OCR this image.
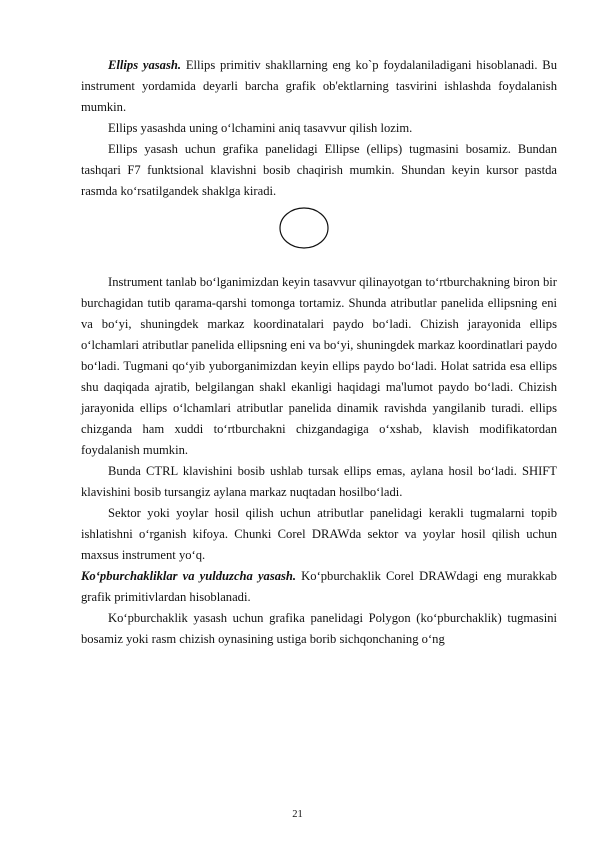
Ellips yasash. Ellips primitiv shakllarning eng ko`p foydalaniladigani hisoblanadi. Bu instrument yordamida deyarli barcha grafik ob'ektlarning tasvirini ishlashda foydalanish mumkin.

Ellips yasashda uning o‘lchamini aniq tasavvur qilish lozim.

Ellips yasash uchun grafika panelidagi Ellipse (ellips) tugmasini bosamiz. Bundan tashqari F7 funktsional klavishni bosib chaqirish mumkin. Shundan keyin kursor pastda rasmda ko‘rsatilgandek shaklga kiradi.

Instrument tanlab bo‘lganimizdan keyin tasavvur qilinayotgan to‘rtburchakning biron bir burchagidan tutib qarama-qarshi tomonga tortamiz. Shunda atributlar panelida ellipsning eni va bo‘yi, shuningdek markaz koordinatalari paydo bo‘ladi. Chizish jarayonida ellips o‘lchamlari atributlar panelida ellipsning eni va bo‘yi, shuningdek markaz koordinatlari paydo bo‘ladi. Tugmani qo‘yib yuborganimizdan keyin ellips paydo bo‘ladi. Holat satrida esa ellips shu daqiqada ajratib, belgilangan shakl ekanligi haqidagi ma'lumot paydo bo‘ladi. Chizish jarayonida ellips o‘lchamlari atributlar panelida dinamik ravishda yangilanib turadi. ellips chizganda ham xuddi to‘rtburchakni chizgandagiga o‘xshab, klavish modifikatordan foydalanish mumkin.

Bunda CTRL klavishini bosib ushlab tursak ellips emas, aylana hosil bo‘ladi. SHIFT klavishini bosib tursangiz aylana markaz nuqtadan hosilbo‘ladi.

Sektor yoki yoylar hosil qilish uchun atributlar panelidagi kerakli tugmalarni topib ishlatishni o‘rganish kifoya. Chunki Corel DRAWda sektor va yoylar hosil qilish uchun maxsus instrument yo‘q.

Ko‘pburchakliklar va yulduzcha yasash. Ko‘pburchaklik Corel DRAWdagi eng murakkab grafik primitivlardan hisoblanadi.

Ko‘pburchaklik yasash uchun grafika panelidagi Polygon (ko‘pburchaklik) tugmasini bosamiz yoki rasm chizish oynasining ustiga borib sichqonchaning o‘ng

21
